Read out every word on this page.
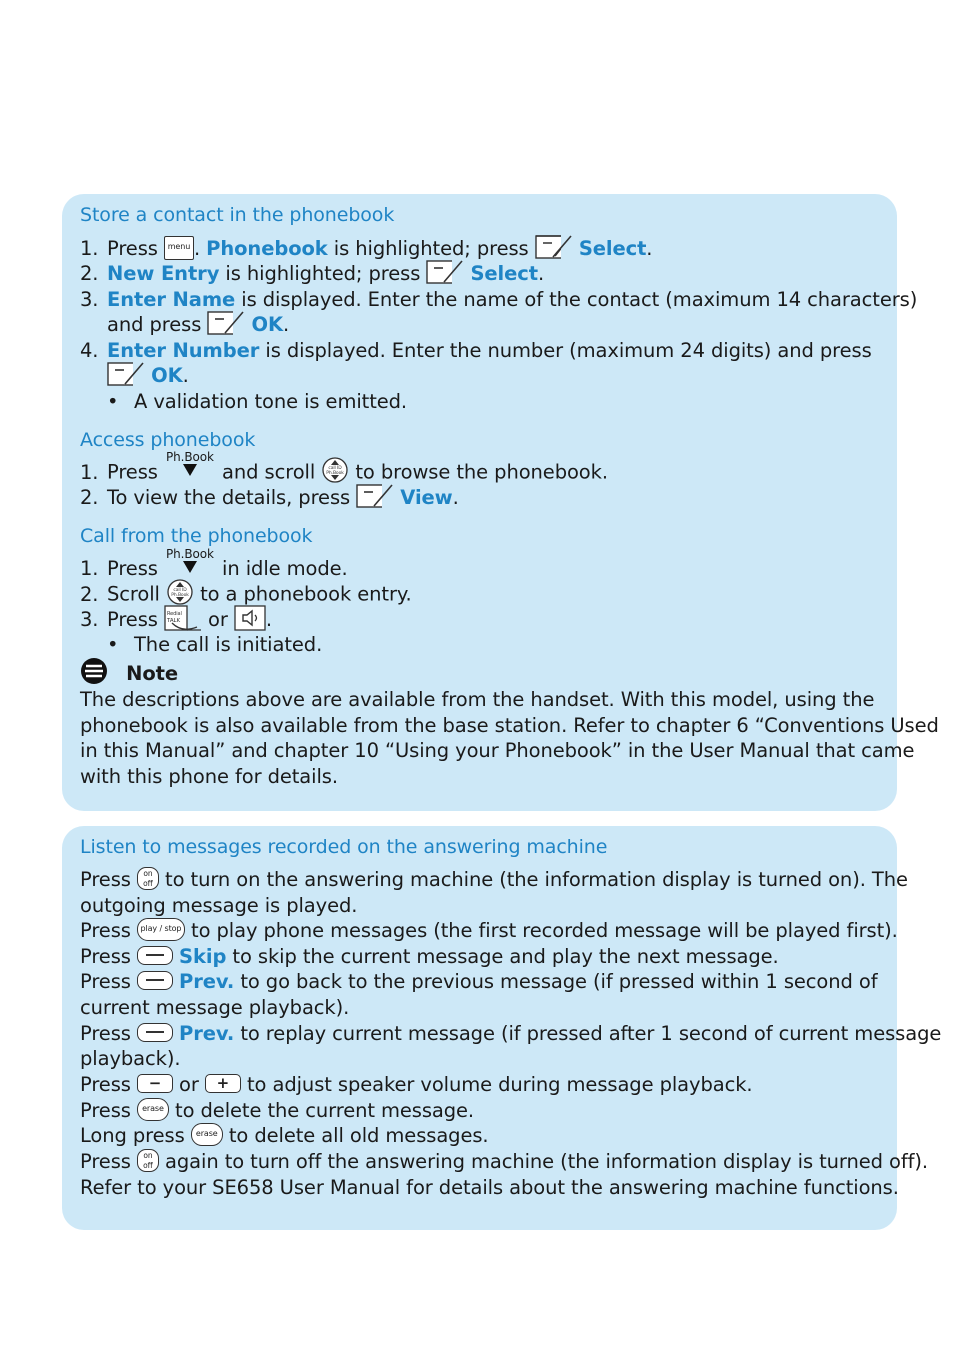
Store a contact in the phonebook
1. Press menu . Phonebook is highlighted; press	Select.
2. New Entry is highlighted; press	Select.
3. Enter Name is displayed. Enter the name of the contact (maximum 14 characters)
and press	OK.
4. Enter Number is displayed. Enter the number (maximum 24 digits) and press
OK.
• A validation tone is emitted.
Access phonebook
1. Press Ph.Book
and scroll	call ID
Ph.Book to browse the phonebook.
2. To view the details, press	View.
Call from the phonebook
1. Press Ph.Book
in idle mode.
2. Scroll	call ID
Ph.Book to a phonebook entry.
3. Press Redial
TALK or .
• The call is initiated.
Note
The descriptions above are available from the handset. With this model, using the
phonebook is also available from the base station. Refer to chapter 6 “Conventions Used
in this Manual” and chapter 10 “Using your Phonebook” in the User Manual that came
with this phone for details.
Listen to messages recorded on the answering machine
Press on
off to turn on the answering machine (the information display is turned on). The
outgoing message is played.
Press play / stop to play phone messages (the first recorded message will be played first).
Press Skip to skip the current message and play the next message.
Press Prev. to go back to the previous message (if pressed within 1 second of
current message playback).
Press Prev. to replay current message (if pressed after 1 second of current message
playback).
Press − or + to adjust speaker volume during message playback.
Press erase to delete the current message.
Long press erase to delete all old messages.
Press on
off again to turn off the answering machine (the information display is turned off).
Refer to your SE658 User Manual for details about the answering machine functions.
